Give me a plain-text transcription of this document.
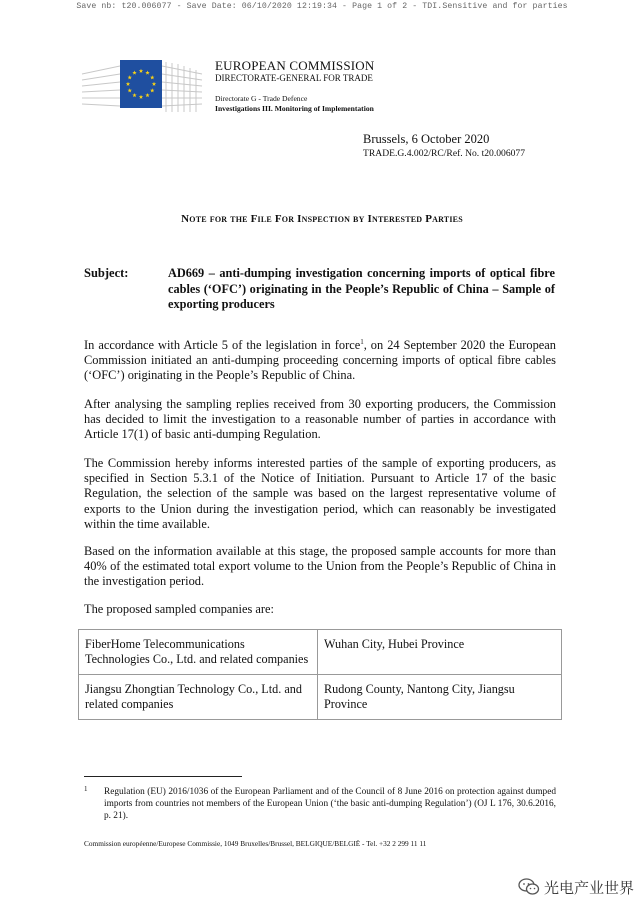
Save nb: t20.006077 - Save Date: 06/10/2020 12:19:34 - Page 1 of 2 - TDI.Sensitive and for parties
EUROPEAN COMMISSION
DIRECTORATE-GENERAL FOR TRADE
Directorate G - Trade Defence
Investigations III. Monitoring of Implementation
Brussels, 6 October 2020
TRADE.G.4.002/RC/Ref. No. t20.006077
Note for the File For Inspection by Interested Parties
Subject:	AD669 – anti-dumping investigation concerning imports of optical fibre cables (‘OFC’) originating in the People’s Republic of China – Sample of exporting producers

In accordance with Article 5 of the legislation in force$^1$, on 24 September 2020 the European Commission initiated an anti-dumping proceeding concerning imports of optical fibre cables (‘OFC’) originating in the People’s Republic of China.

After analysing the sampling replies received from 30 exporting producers, the Commission has decided to limit the investigation to a reasonable number of parties in accordance with Article 17(1) of basic anti-dumping Regulation.

The Commission hereby informs interested parties of the sample of exporting producers, as specified in Section 5.3.1 of the Notice of Initiation. Pursuant to Article 17 of the basic Regulation, the selection of the sample was based on the largest representative volume of exports to the Union during the investigation period, which can reasonably be investigated within the time available.

Based on the information available at this stage, the proposed sample accounts for more than 40% of the estimated total export volume to the Union from the People’s Republic of China in the investigation period.

The proposed sampled companies are:

FiberHome Telecommunications Technologies Co., Ltd. and related companies	Wuhan City, Hubei Province
Jiangsu Zhongtian Technology Co., Ltd. and related companies	Rudong County, Nantong City, Jiangsu Province
1 Regulation (EU) 2016/1036 of the European Parliament and of the Council of 8 June 2016 on protection against dumped imports from countries not members of the European Union (‘the basic anti-dumping Regulation’) (OJ L 176, 30.6.2016, p. 21).
Commission européenne/Europese Commissie, 1049 Bruxelles/Brussel, BELGIQUE/BELGIË - Tel. +32 2 299 11 11
光电产业世界
